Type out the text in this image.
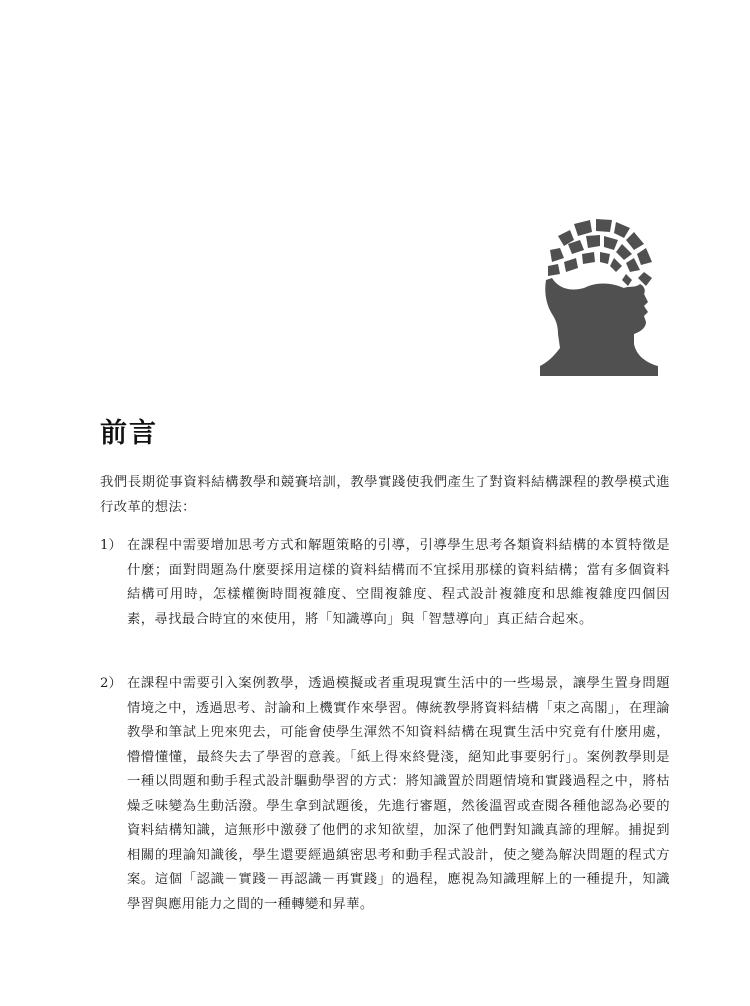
前言

我們長期從事資料結構教學和競賽培訓，教學實踐使我們產生了對資料結構課程的教學模式進行改革的想法：

1） 在課程中需要增加思考方式和解題策略的引導，引導學生思考各類資料結構的本質特徵是什麼；面對問題為什麼要採用這樣的資料結構而不宜採用那樣的資料結構；當有多個資料結構可用時，怎樣權衡時間複雜度、空間複雜度、程式設計複雜度和思維複雜度四個因素，尋找最合時宜的來使用，將「知識導向」與「智慧導向」真正結合起來。

2） 在課程中需要引入案例教學，透過模擬或者重現現實生活中的一些場景，讓學生置身問題情境之中，透過思考、討論和上機實作來學習。傳統教學將資料結構「束之高閣」，在理論教學和筆試上兜來兜去，可能會使學生渾然不知資料結構在現實生活中究竟有什麼用處，懵懵懂懂，最終失去了學習的意義。「紙上得來終覺淺，絕知此事要躬行」。案例教學則是一種以問題和動手程式設計驅動學習的方式：將知識置於問題情境和實踐過程之中，將枯燥乏味變為生動活潑。學生拿到試題後，先進行審題，然後溫習或查閱各種他認為必要的資料結構知識，這無形中激發了他們的求知欲望，加深了他們對知識真諦的理解。捕捉到相關的理論知識後，學生還要經過縝密思考和動手程式設計，使之變為解決問題的程式方案。這個「認識－實踐－再認識－再實踐」的過程，應視為知識理解上的一種提升，知識學習與應用能力之間的一種轉變和昇華。
